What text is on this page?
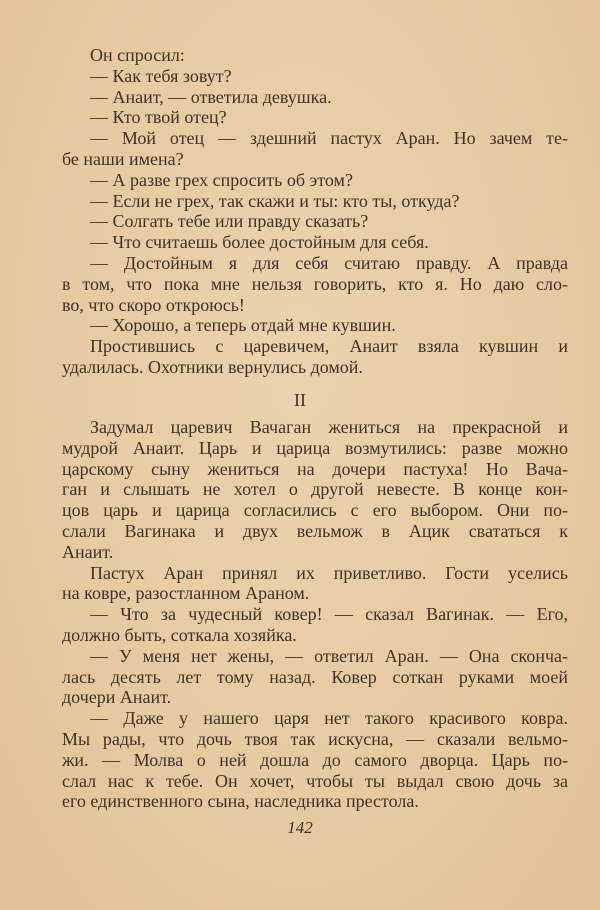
Он спросил:
— Как тебя зовут?
— Анаит, — ответила девушка.
— Кто твой отец?
— Мой отец — здешний пастух Аран. Но зачем те-
бе наши имена?
— А разве грех спросить об этом?
— Если не грех, так скажи и ты: кто ты, откуда?
— Солгать тебе или правду сказать?
— Что считаешь более достойным для себя.
— Достойным я для себя считаю правду. А правда
в том, что пока мне нельзя говорить, кто я. Но даю сло-
во, что скоро откроюсь!
— Хорошо, а теперь отдай мне кувшин.
Простившись с царевичем, Анаит взяла кувшин и
удалилась. Охотники вернулись домой.
II
Задумал царевич Вачаган жениться на прекрасной и
мудрой Анаит. Царь и царица возмутились: разве можно
царскому сыну жениться на дочери пастуха! Но Вача-
ган и слышать не хотел о другой невесте. В конце кон-
цов царь и царица согласились с его выбором. Они по-
слали Вагинака и двух вельмож в Ацик свататься к
Анаит.
Пастух Аран принял их приветливо. Гости уселись
на ковре, разостланном Араном.
— Что за чудесный ковер! — сказал Вагинак. — Его,
должно быть, соткала хозяйка.
— У меня нет жены, — ответил Аран. — Она сконча-
лась десять лет тому назад. Ковер соткан руками моей
дочери Анаит.
— Даже у нашего царя нет такого красивого ковра.
Мы рады, что дочь твоя так искусна, — сказали вельмо-
жи. — Молва о ней дошла до самого дворца. Царь по-
слал нас к тебе. Он хочет, чтобы ты выдал свою дочь за
его единственного сына, наследника престола.
142
